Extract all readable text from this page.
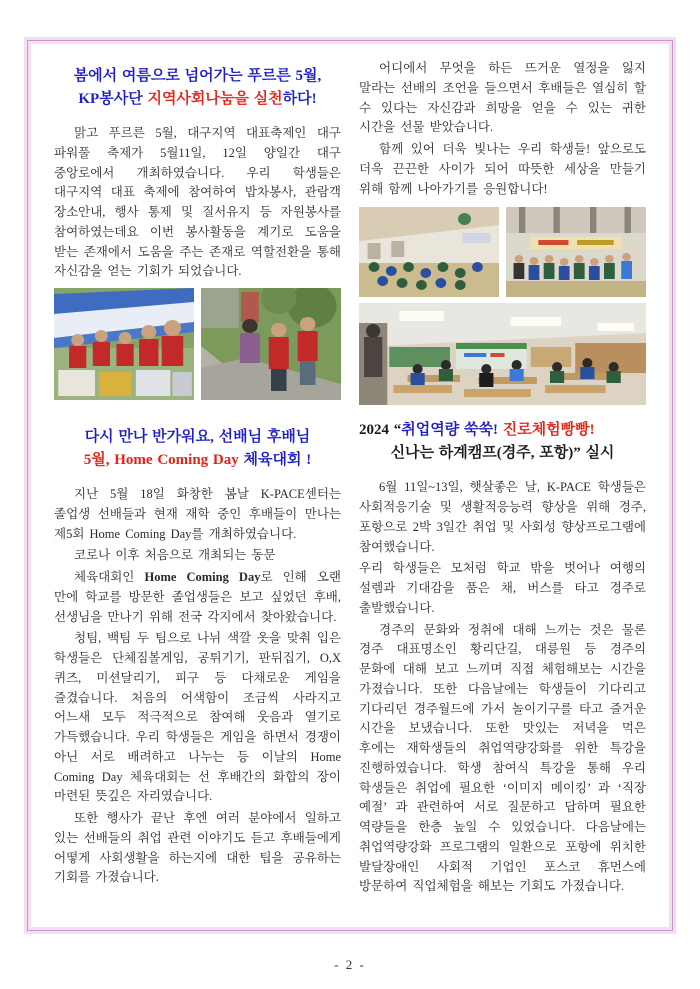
봄에서 여름으로 넘어가는 푸르른 5월,
KP봉사단 지역사회나눔을 실천하다!

맑고 푸르른 5월, 대구지역 대표축제인 대구 파워풀 축제가 5월11일, 12일 양일간 대구 중앙로에서 개최하였습니다. 우리 학생들은 대구지역 대표 축제에 참여하여 밥차봉사, 관람객 장소안내, 행사 통제 및 질서유지 등 자원봉사를 참여하였는데요 이번 봉사활동을 계기로 도움을 받는 존재에서 도움을 주는 존재로 역할전환을 통해 자신감을 얻는 기회가 되었습니다.

다시 만나 반가워요, 선배님 후배님
5월, Home Coming Day 체육대회 !

지난 5월 18일 화창한 봄날 K-PACE센터는 졸업생 선배들과 현재 재학 중인 후배들이 만나는 제5회 Home Coming Day를 개최하였습니다.

코로나 이후 처음으로 개최되는 동문

체육대회인 Home Coming Day로 인해 오랜 만에 학교를 방문한 졸업생들은 보고 싶었던 후배, 선생님을 만나기 위해 전국 각지에서 찾아왔습니다.

청팀, 백팀 두 팀으로 나뉘 색깔 옷을 맞춰 입은 학생들은 단체짐볼게임, 공튀기기, 판뒤집기, O,X 퀴즈, 미션달리기, 피구 등 다채로운 게임을 즐겼습니다. 처음의 어색함이 조금씩 사라지고 어느새 모두 적극적으로 참여해 웃음과 열기로 가득했습니다. 우리 학생들은 게임을 하면서 경쟁이 아닌 서로 배려하고 나누는 등 이날의 Home Coming Day 체육대회는 선 후배간의 화합의 장이 마련된 뜻깊은 자리였습니다.

또한 행사가 끝난 후엔 여러 분야에서 일하고 있는 선배들의 취업 관련 이야기도 듣고 후배들에게 어떻게 사회생활을 하는지에 대한 팁을 공유하는 기회를 가졌습니다.

어디에서 무엇을 하든 뜨거운 열정을 잃지 말라는 선배의 조언을 들으면서 후배들은 열심히 할 수 있다는 자신감과 희망을 얻을 수 있는 귀한 시간을 선물 받았습니다.

함께 있어 더욱 빛나는 우리 학생들! 앞으로도 더욱 끈끈한 사이가 되어 따뜻한 세상을 만들기 위해 함께 나아가기를 응원합니다!

2024 “취업역량 쑥쑥! 진로체험빵빵!
신나는 하계캠프(경주, 포항)” 실시

6월 11일~13일, 햇살좋은 날, K-PACE 학생들은 사회적응기술 및 생활적응능력 향상을 위해 경주, 포항으로 2박 3일간 취업 및 사회성 향상프로그램에 참여했습니다.

우리 학생들은 모처럼 학교 밖을 벗어나 여행의 설렘과 기대감을 품은 채, 버스를 타고 경주로 출발했습니다.

경주의 문화와 정취에 대해 느끼는 것은 물론 경주 대표명소인 황리단길, 대릉원 등 경주의 문화에 대해 보고 느끼며 직접 체험해보는 시간을 가졌습니다. 또한 다음날에는 학생들이 기다리고 기다리던 경주월드에 가서 놀이기구를 타고 즐거운 시간을 보냈습니다. 또한 맛있는 저녁을 먹은 후에는 재학생들의 취업역량강화를 위한 특강을 진행하였습니다. 학생 참여식 특강을 통해 우리 학생들은 취업에 필요한 ‘이미지 메이킹’ 과 ‘직장 예절’ 과 관련하여 서로 질문하고 답하며 필요한 역량들을 한층 높일 수 있었습니다. 다음날에는 취업역량강화 프로그램의 일환으로 포항에 위치한 발달장애인 사회적 기업인 포스코 휴먼스에 방문하여 직업체험을 해보는 기회도 가졌습니다.

- 2 -
